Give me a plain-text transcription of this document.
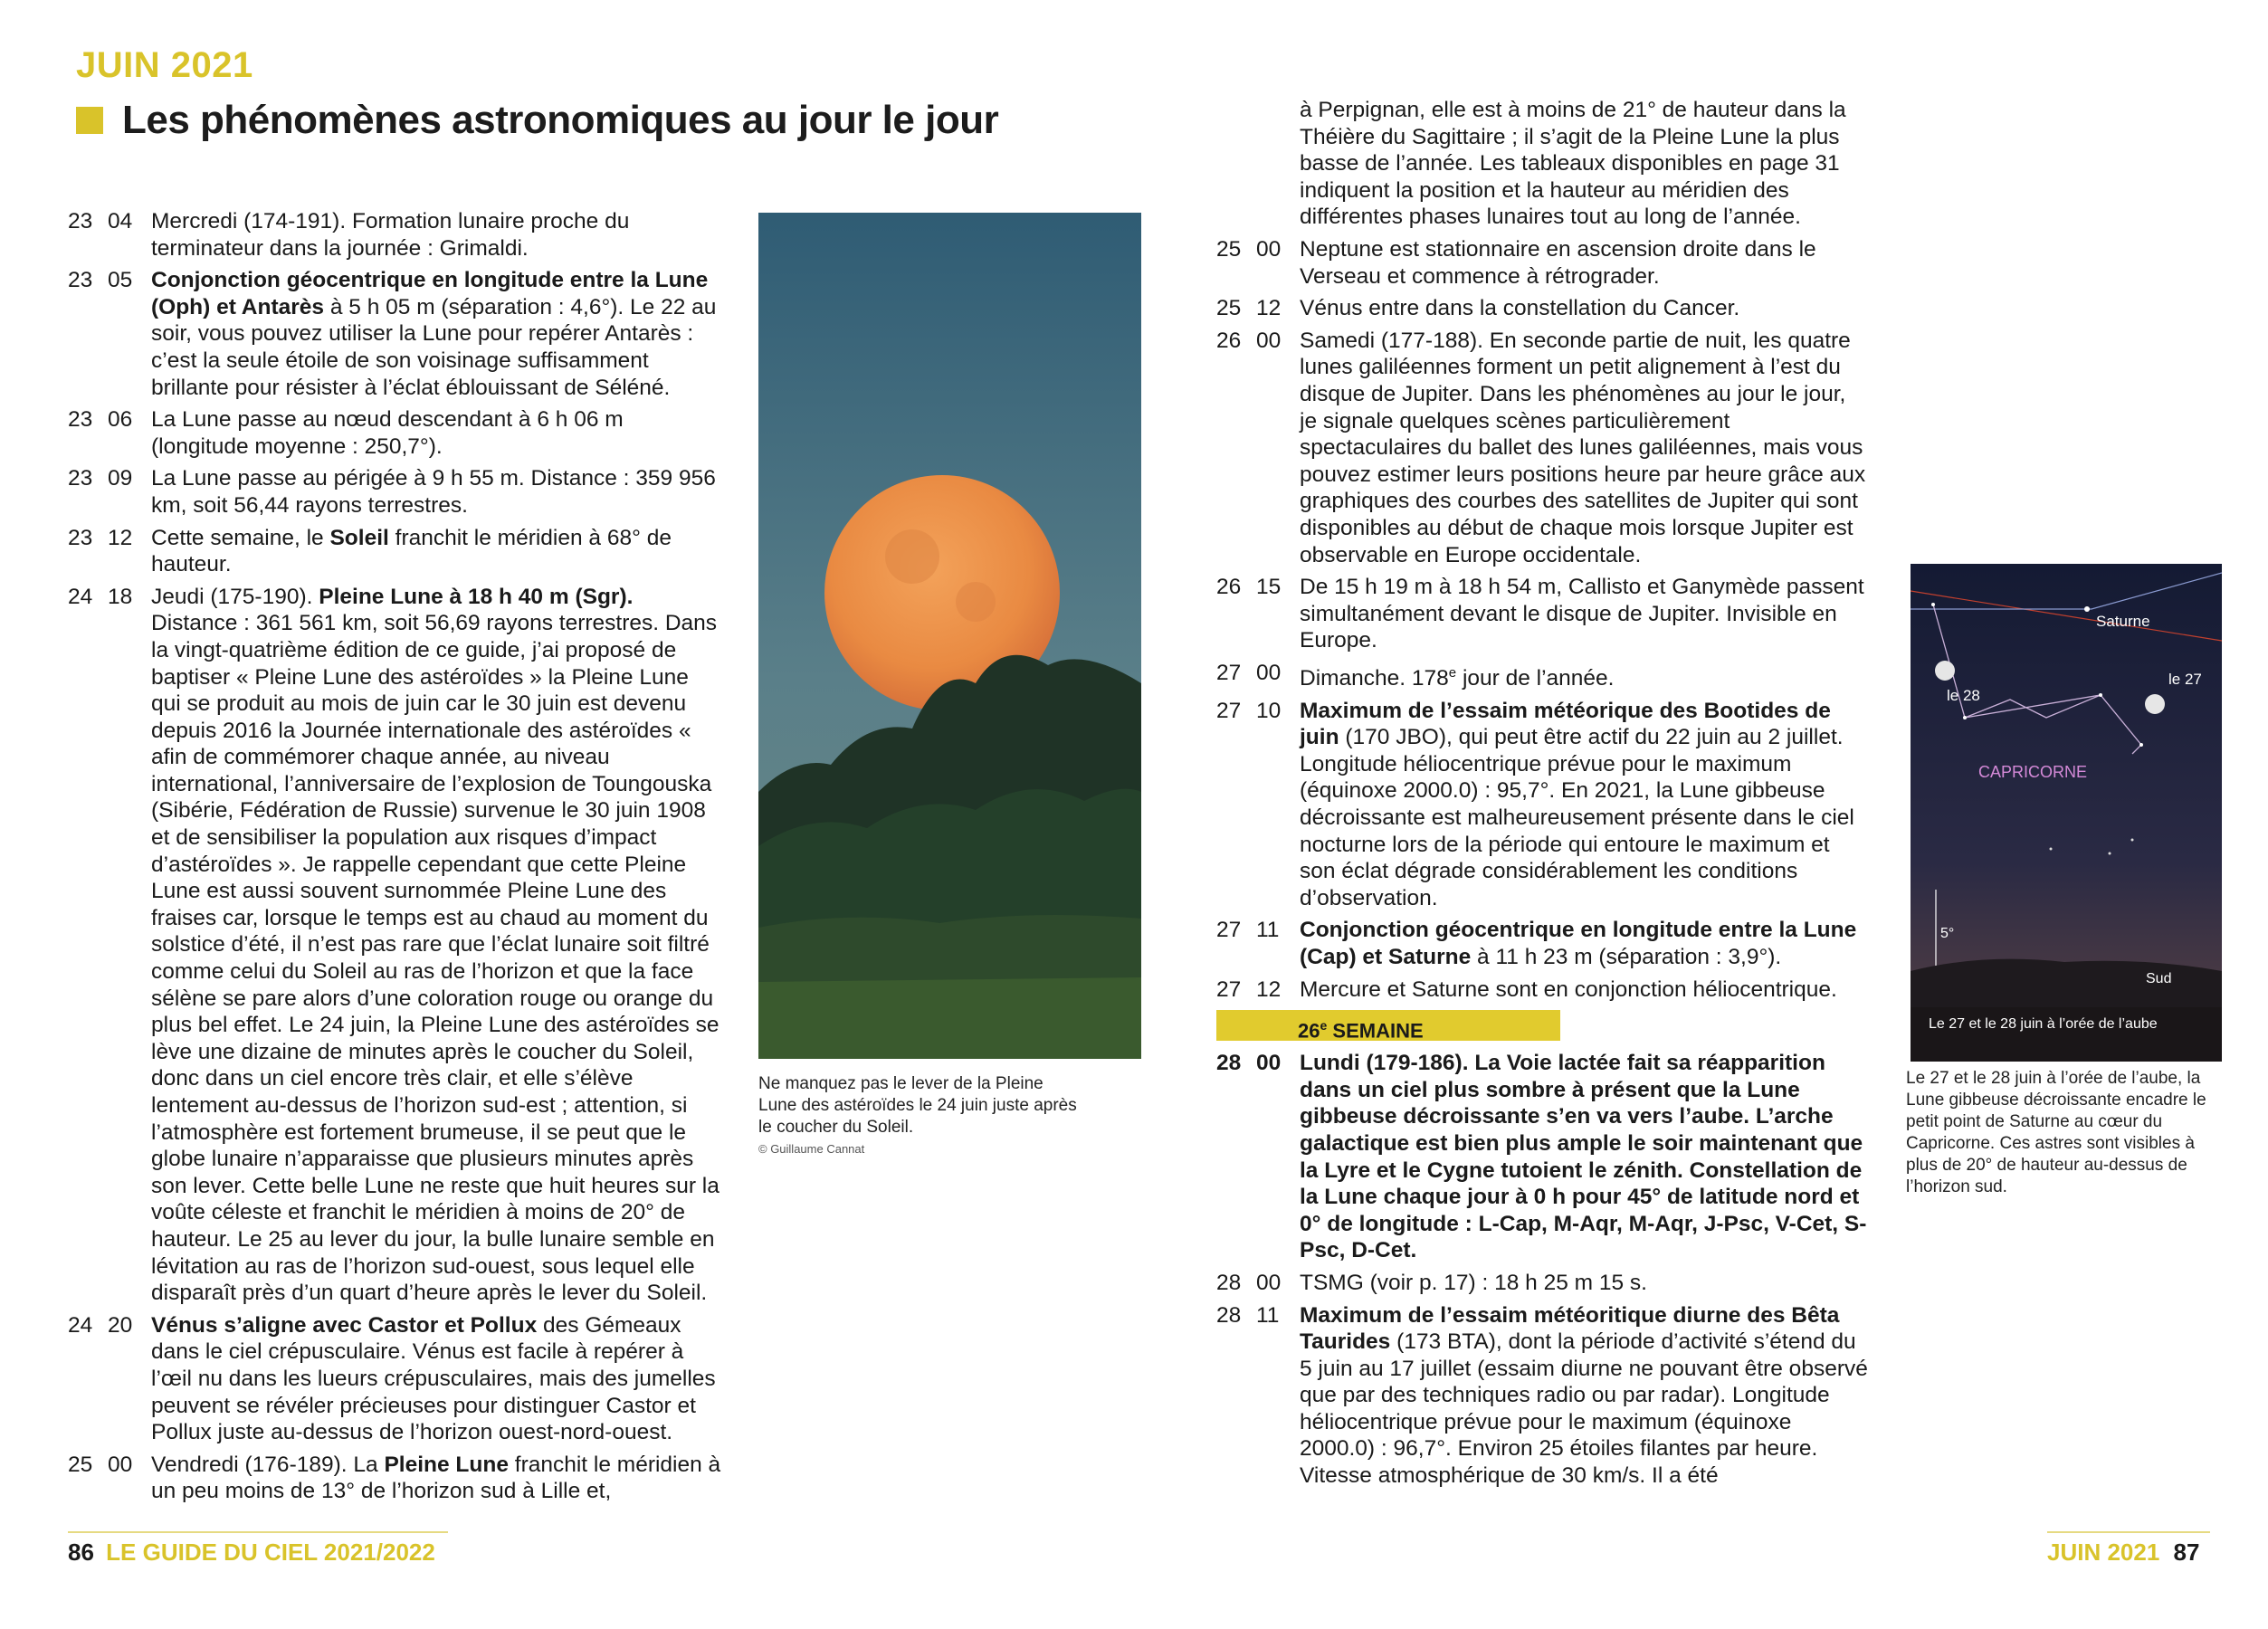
JUIN 2021
Les phénomènes astronomiques au jour le jour
23 04 Mercredi (174-191). Formation lunaire proche du terminateur dans la journée : Grimaldi.
23 05 Conjonction géocentrique en longitude entre la Lune (Oph) et Antarès à 5 h 05 m (séparation : 4,6°). Le 22 au soir, vous pouvez utiliser la Lune pour repérer Antarès : c’est la seule étoile de son voisinage suffisamment brillante pour résister à l’éclat éblouissant de Séléné.
23 06 La Lune passe au nœud descendant à 6 h 06 m (longitude moyenne : 250,7°).
23 09 La Lune passe au périgée à 9 h 55 m. Distance : 359 956 km, soit 56,44 rayons terrestres.
23 12 Cette semaine, le Soleil franchit le méridien à 68° de hauteur.
24 18 Jeudi (175-190). Pleine Lune à 18 h 40 m (Sgr). Distance : 361 561 km, soit 56,69 rayons terrestres. Dans la vingt-quatrième édition de ce guide, j’ai proposé de baptiser « Pleine Lune des astéroïdes » la Pleine Lune qui se produit au mois de juin car le 30 juin est devenu depuis 2016 la Journée internationale des astéroïdes « afin de commémorer chaque année, au niveau international, l’anniversaire de l’explosion de Toungouska (Sibérie, Fédération de Russie) survenue le 30 juin 1908 et de sensibiliser la population aux risques d’impact d’astéroïdes ». Je rappelle cependant que cette Pleine Lune est aussi souvent surnommée Pleine Lune des fraises car, lorsque le temps est au chaud au moment du solstice d’été, il n’est pas rare que l’éclat lunaire soit filtré comme celui du Soleil au ras de l’horizon et que la face sélène se pare alors d’une coloration rouge ou orange du plus bel effet. Le 24 juin, la Pleine Lune des astéroïdes se lève une dizaine de minutes après le coucher du Soleil, donc dans un ciel encore très clair, et elle s’élève lentement au-dessus de l’horizon sud-est ; attention, si l’atmosphère est fortement brumeuse, il se peut que le globe lunaire n’apparaisse que plusieurs minutes après son lever. Cette belle Lune ne reste que huit heures sur la voûte céleste et franchit le méridien à moins de 20° de hauteur. Le 25 au lever du jour, la bulle lunaire semble en lévitation au ras de l’horizon sud-ouest, sous lequel elle disparaît près d’un quart d’heure après le lever du Soleil.
24 20 Vénus s’aligne avec Castor et Pollux des Gémeaux dans le ciel crépusculaire. Vénus est facile à repérer à l’œil nu dans les lueurs crépusculaires, mais des jumelles peuvent se révéler précieuses pour distinguer Castor et Pollux juste au-dessus de l’horizon ouest-nord-ouest.
25 00 Vendredi (176-189). La Pleine Lune franchit le méridien à un peu moins de 13° de l’horizon sud à Lille et,
Ne manquez pas le lever de la Pleine Lune des astéroïdes le 24 juin juste après le coucher du Soleil.
© Guillaume Cannat
à Perpignan, elle est à moins de 21° de hauteur dans la Théière du Sagittaire ; il s’agit de la Pleine Lune la plus basse de l’année. Les tableaux disponibles en page 31 indiquent la position et la hauteur au méridien des différentes phases lunaires tout au long de l’année.
25 00 Neptune est stationnaire en ascension droite dans le Verseau et commence à rétrograder.
25 12 Vénus entre dans la constellation du Cancer.
26 00 Samedi (177-188). En seconde partie de nuit, les quatre lunes galiléennes forment un petit alignement à l’est du disque de Jupiter. Dans les phénomènes au jour le jour, je signale quelques scènes particulièrement spectaculaires du ballet des lunes galiléennes, mais vous pouvez estimer leurs positions heure par heure grâce aux graphiques des courbes des satellites de Jupiter qui sont disponibles au début de chaque mois lorsque Jupiter est observable en Europe occidentale.
26 15 De 15 h 19 m à 18 h 54 m, Callisto et Ganymède passent simultanément devant le disque de Jupiter. Invisible en Europe.
27 00 Dimanche. 178e jour de l’année.
27 10 Maximum de l’essaim météorique des Bootides de juin (170 JBO), qui peut être actif du 22 juin au 2 juillet. Longitude héliocentrique prévue pour le maximum (équinoxe 2000.0) : 95,7°. En 2021, la Lune gibbeuse décroissante est malheureusement présente dans le ciel nocturne lors de la période qui entoure le maximum et son éclat dégrade considérablement les conditions d’observation.
27 11 Conjonction géocentrique en longitude entre la Lune (Cap) et Saturne à 11 h 23 m (séparation : 3,9°).
27 12 Mercure et Saturne sont en conjonction héliocentrique.
26e SEMAINE
28 00 Lundi (179-186). La Voie lactée fait sa réapparition dans un ciel plus sombre à présent que la Lune gibbeuse décroissante s’en va vers l’aube. L’arche galactique est bien plus ample le soir maintenant que la Lyre et le Cygne tutoient le zénith. Constellation de la Lune chaque jour à 0 h pour 45° de latitude nord et 0° de longitude : L-Cap, M-Aqr, M-Aqr, J-Psc, V-Cet, S-Psc, D-Cet.
28 00 TSMG (voir p. 17) : 18 h 25 m 15 s.
28 11 Maximum de l’essaim météoritique diurne des Bêta Taurides (173 BTA), dont la période d’activité s’étend du 5 juin au 17 juillet (essaim diurne ne pouvant être observé que par des techniques radio ou par radar). Longitude héliocentrique prévue pour le maximum (équinoxe 2000.0) : 96,7°. Environ 25 étoiles filantes par heure. Vitesse atmosphérique de 30 km/s. Il a été
Saturne
le 27
le 28
CAPRICORNE
5°
Sud
Le 27 et le 28 juin à l’orée de l’aube
Le 27 et le 28 juin à l’orée de l’aube, la Lune gibbeuse décroissante encadre le petit point de Saturne au cœur du Capricorne. Ces astres sont visibles à plus de 20° de hauteur au-dessus de l’horizon sud.
86 LE GUIDE DU CIEL 2021/2022	JUIN 2021 87
